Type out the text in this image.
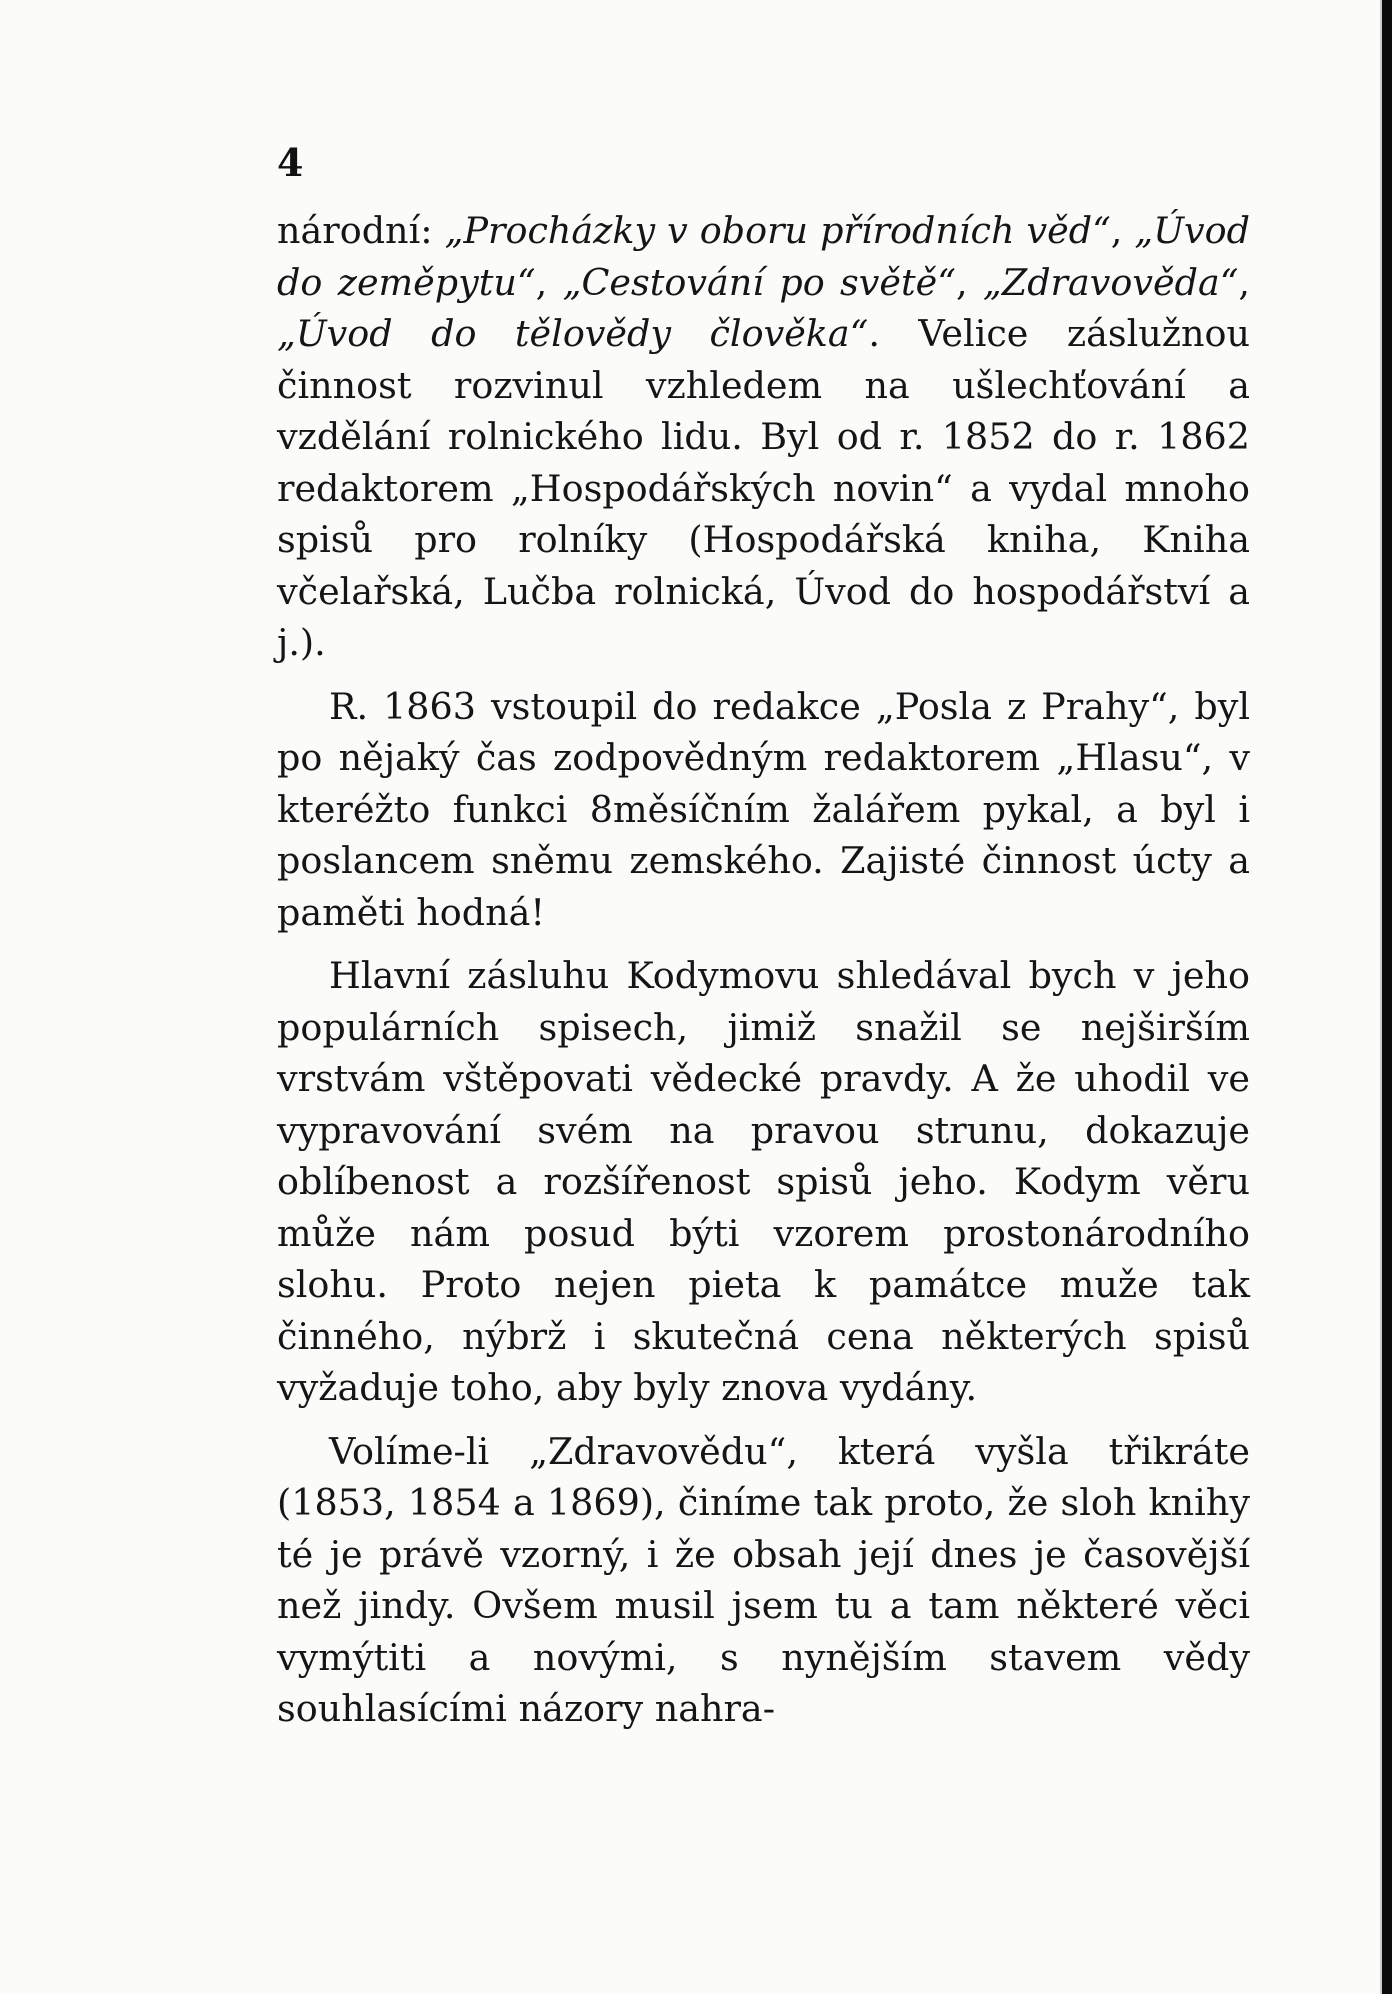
4

národní: „Procházky v oboru přírodních věd“, „Úvod do zeměpytu“, „Cestování po světě“, „Zdravověda“, „Úvod do tělovědy člověka“. Velice záslužnou činnost rozvinul vzhledem na ušlechťování a vzdělání rolnického lidu. Byl od r. 1852 do r. 1862 redaktorem „Hospodářských novin“ a vydal mnoho spisů pro rolníky (Hospodářská kniha, Kniha včelařská, Lučba rolnická, Úvod do hospodářství a j.).

R. 1863 vstoupil do redakce „Posla z Prahy“, byl po nějaký čas zodpovědným redaktorem „Hlasu“, v kteréžto funkci 8měsíčním žalářem pykal, a byl i poslancem sněmu zemského. Zajisté činnost úcty a paměti hodná!

Hlavní zásluhu Kodymovu shledával bych v jeho populárních spisech, jimiž snažil se nejširším vrstvám vštěpovati vědecké pravdy. A že uhodil ve vypravování svém na pravou strunu, dokazuje oblíbenost a rozšířenost spisů jeho. Kodym věru může nám posud býti vzorem prostonárodního slohu. Proto nejen pieta k památce muže tak činného, nýbrž i skutečná cena některých spisů vyžaduje toho, aby byly znova vydány.

Volíme-li „Zdravovědu“, která vyšla třikráte (1853, 1854 a 1869), činíme tak proto, že sloh knihy té je právě vzorný, i že obsah její dnes je časovější než jindy. Ovšem musil jsem tu a tam některé věci vymýtiti a novými, s nynějším stavem vědy souhlasícími názory nahra-
